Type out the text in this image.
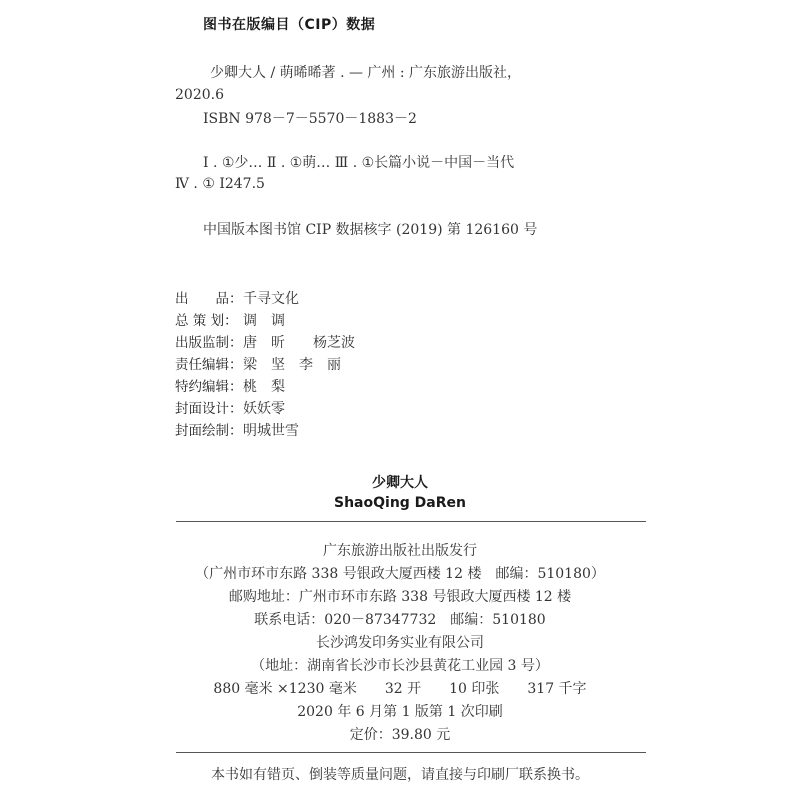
图书在版编目（CIP）数据
少卿大人 / 萌晞晞著 . — 广州 : 广东旅游出版社，
2020.6
ISBN 978－7－5570－1883－2
Ⅰ . ①少… Ⅱ . ①萌… Ⅲ . ①长篇小说－中国－当代
Ⅳ . ① I247.5
中国版本图书馆 CIP 数据核字 (2019) 第 126160 号
出　　品：千寻文化
总 策 划： 调　调
出版监制：唐　昕　　杨芝波
责任编辑：梁　坚　李　丽
特约编辑：桃　梨
封面设计：妖妖零
封面绘制：明城世雪
少卿大人
ShaoQing DaRen
广东旅游出版社出版发行
（广州市环市东路 338 号银政大厦西楼 12 楼　邮编：510180）
邮购地址：广州市环市东路 338 号银政大厦西楼 12 楼
联系电话：020－87347732　邮编：510180
长沙鸿发印务实业有限公司
（地址：湖南省长沙市长沙县黄花工业园 3 号）
880 毫米 ×1230 毫米　　32 开　　10 印张　　317 千字
2020 年 6 月第 1 版第 1 次印刷
定价：39.80 元
本书如有错页、倒装等质量问题，请直接与印刷厂联系换书。
